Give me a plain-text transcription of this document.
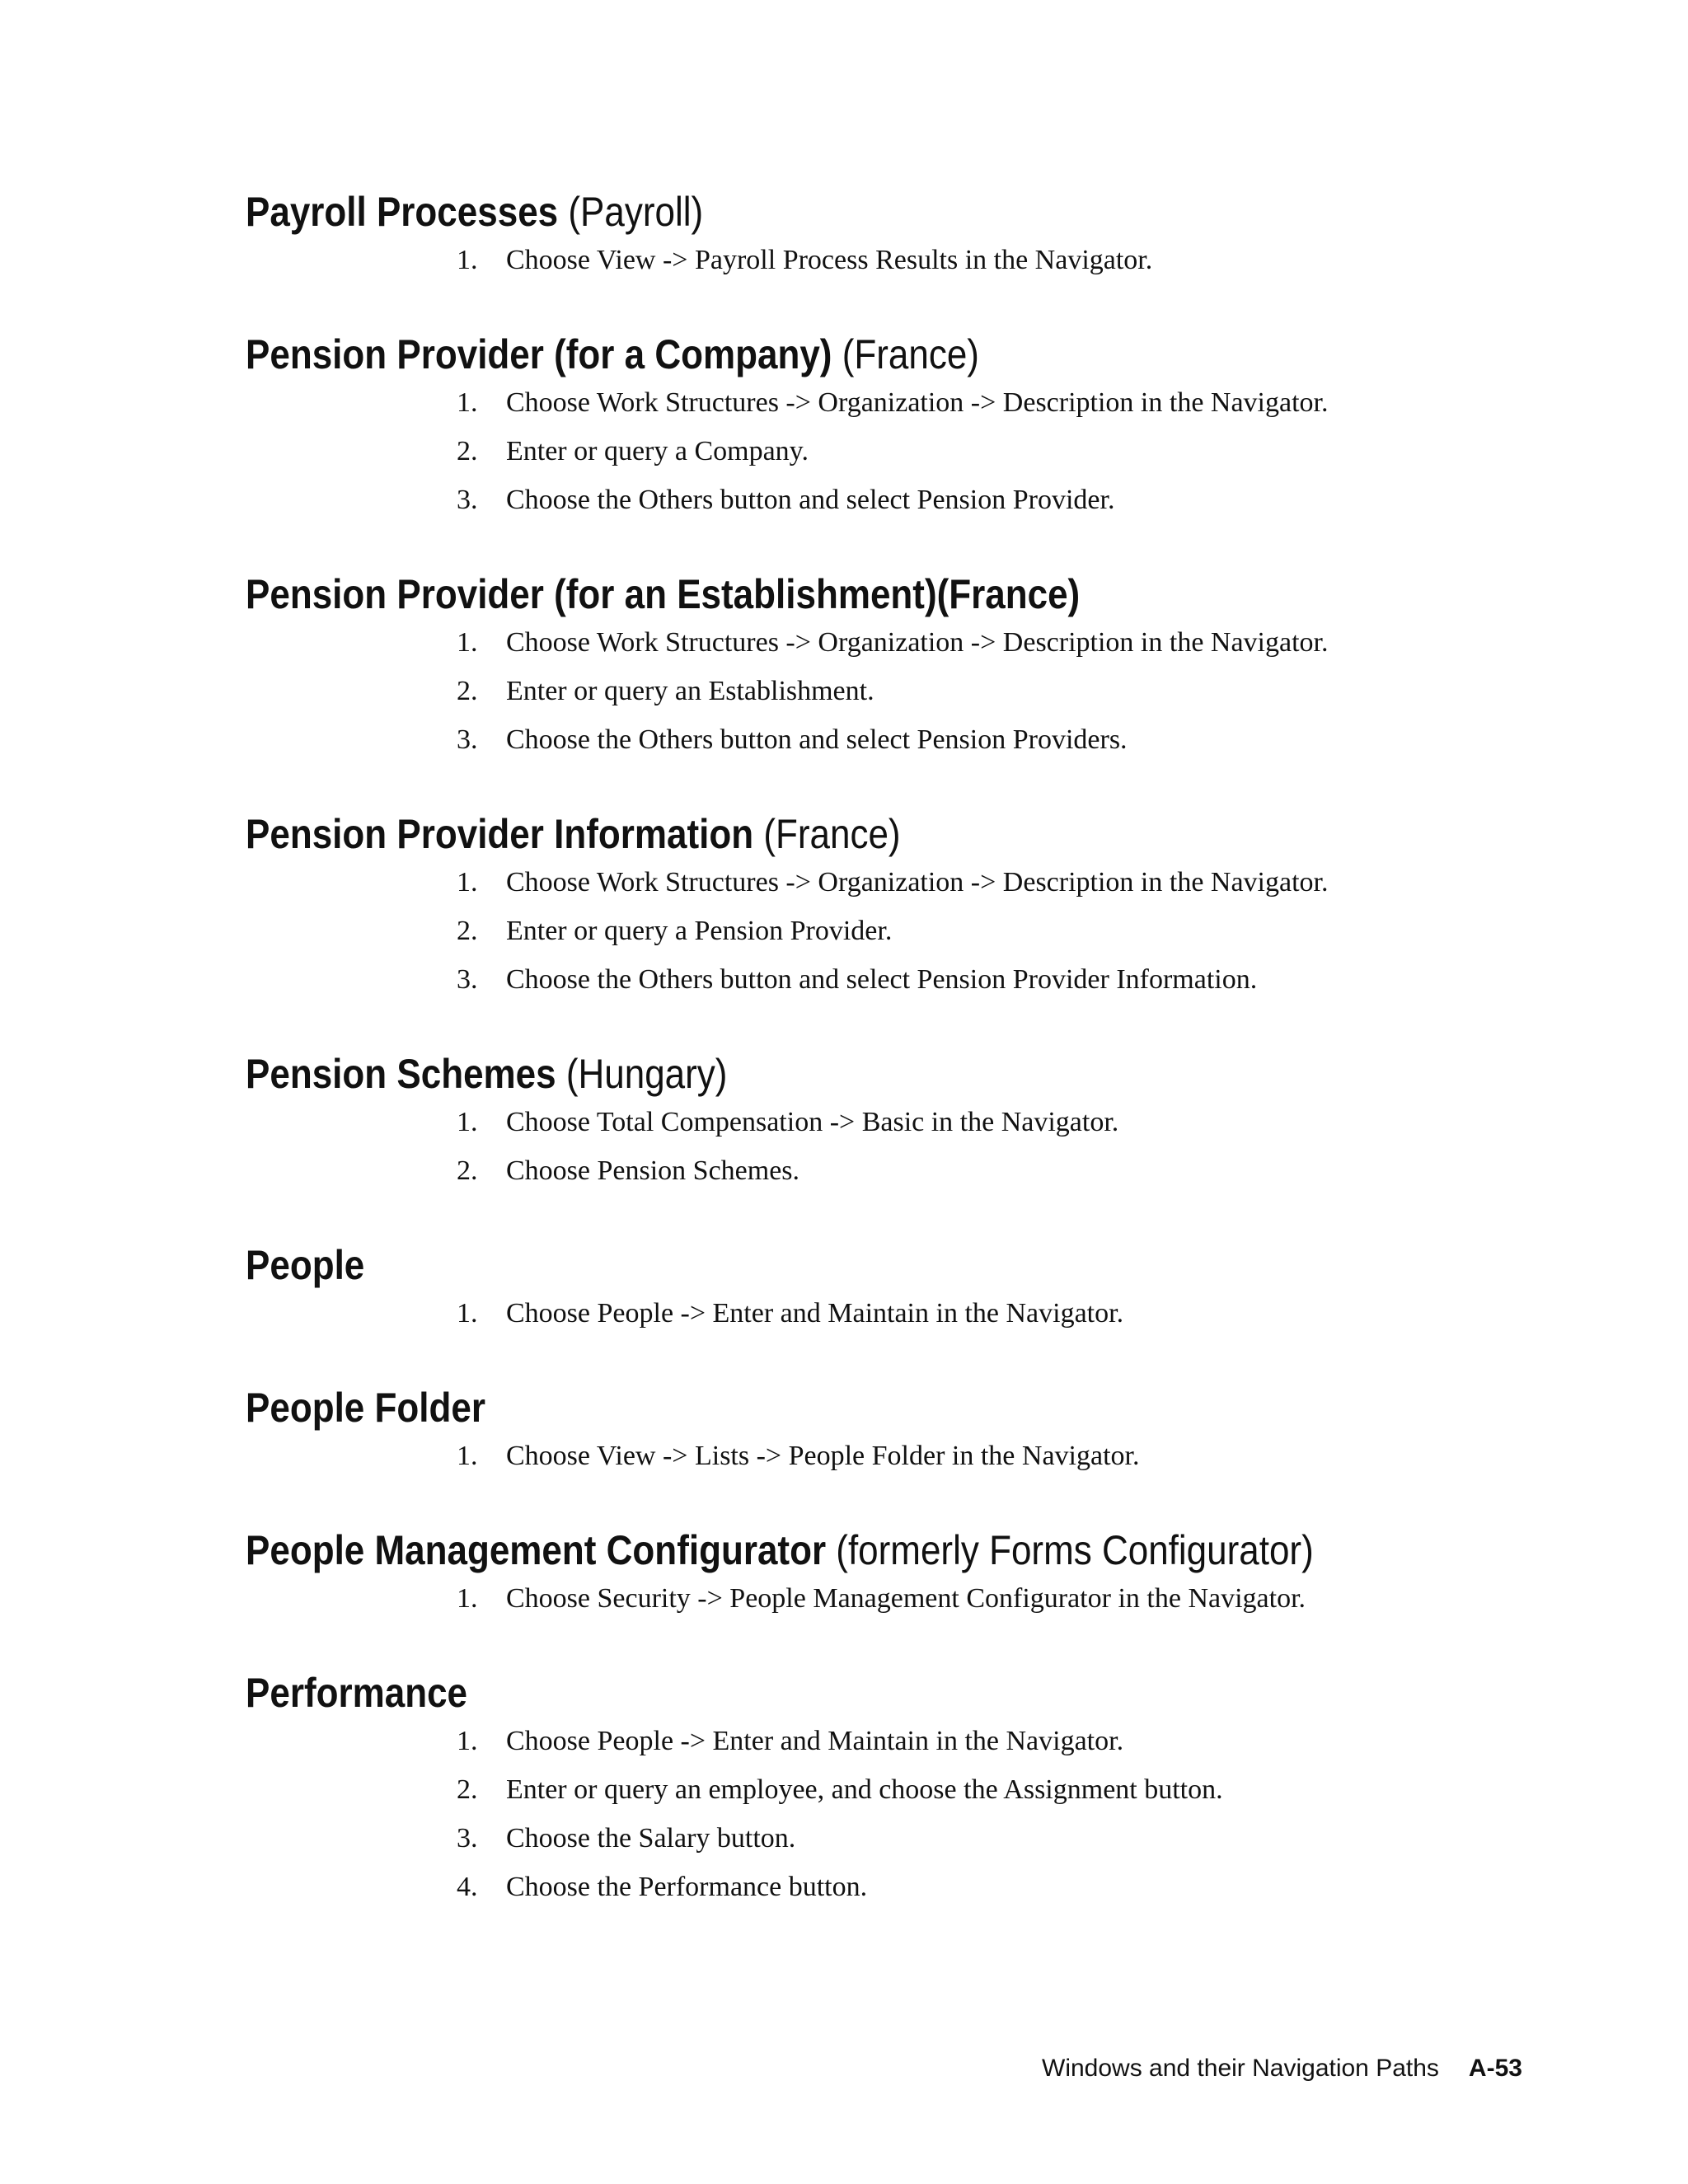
Payroll Processes (Payroll)
1. Choose View -> Payroll Process Results in the Navigator.
Pension Provider (for a Company) (France)
1. Choose Work Structures -> Organization -> Description in the Navigator.
2. Enter or query a Company.
3. Choose the Others button and select Pension Provider.
Pension Provider (for an Establishment)(France)
1. Choose Work Structures -> Organization -> Description in the Navigator.
2. Enter or query an Establishment.
3. Choose the Others button and select Pension Providers.
Pension Provider Information (France)
1. Choose Work Structures -> Organization -> Description in the Navigator.
2. Enter or query a Pension Provider.
3. Choose the Others button and select Pension Provider Information.
Pension Schemes (Hungary)
1. Choose Total Compensation -> Basic in the Navigator.
2. Choose Pension Schemes.
People
1. Choose People -> Enter and Maintain in the Navigator.
People Folder
1. Choose View -> Lists -> People Folder in the Navigator.
People Management Configurator (formerly Forms Configurator)
1. Choose Security -> People Management Configurator in the Navigator.
Performance
1. Choose People -> Enter and Maintain in the Navigator.
2. Enter or query an employee, and choose the Assignment button.
3. Choose the Salary button.
4. Choose the Performance button.
Windows and their Navigation Paths A-53
